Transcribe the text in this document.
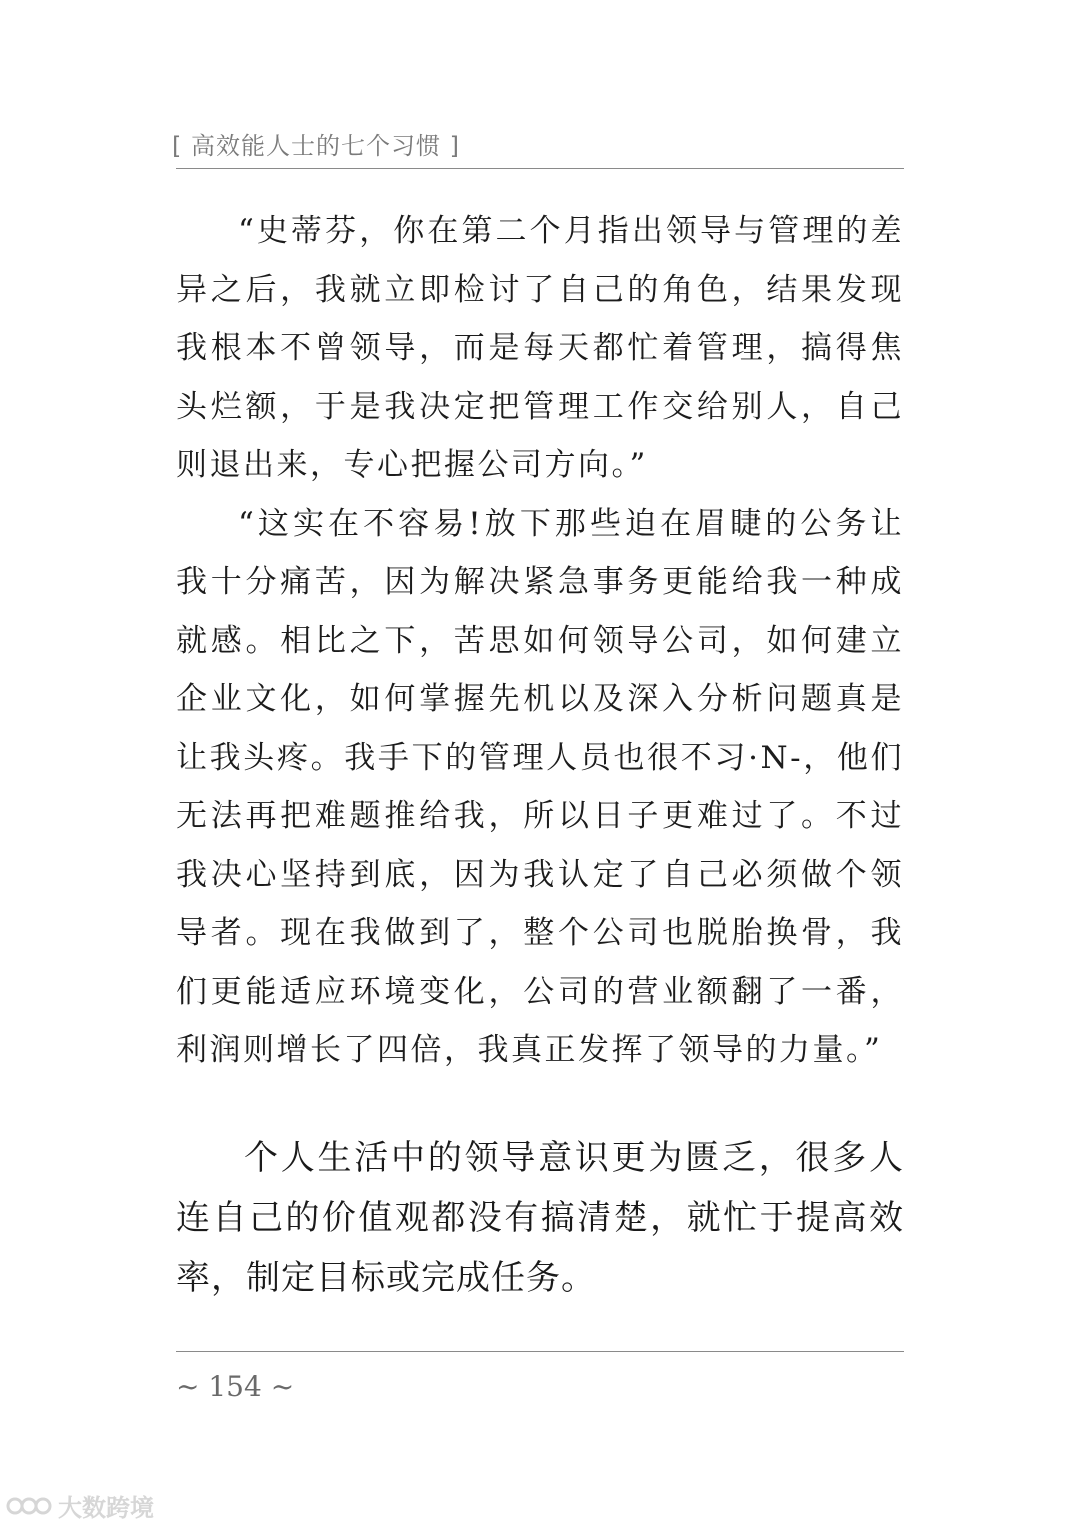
[ 高效能人士的七个习惯 ]

“史蒂芬，你在第二个月指出领导与管理的差异之后，我就立即检讨了自己的角色，结果发现我根本不曾领导，而是每天都忙着管理，搞得焦头烂额，于是我决定把管理工作交给别人，自己则退出来，专心把握公司方向。”

“这实在不容易!放下那些迫在眉睫的公务让我十分痛苦，因为解决紧急事务更能给我一种成就感。相比之下，苦思如何领导公司，如何建立企业文化，如何掌握先机以及深入分析问题真是让我头疼。我手下的管理人员也很不习·N-，他们无法再把难题推给我，所以日子更难过了。不过我决心坚持到底，因为我认定了自己必须做个领导者。现在我做到了，整个公司也脱胎换骨，我们更能适应环境变化，公司的营业额翻了一番，利润则增长了四倍，我真正发挥了领导的力量。”

个人生活中的领导意识更为匮乏，很多人连自己的价值观都没有搞清楚，就忙于提高效率，制定目标或完成任务。

~ 154 ~
大数跨境
